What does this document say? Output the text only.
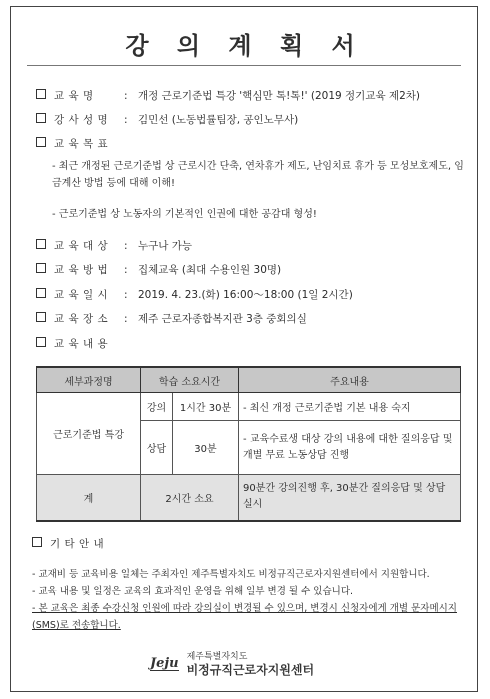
강 의 계 획 서
교 육 명	: 개정 근로기준법 특강 '핵심만 톡!톡!' (2019 정기교육 제2차)
강 사 성 명	: 김민선 (노동법률팀장, 공인노무사)
교 육 목 표
- 최근 개정된 근로기준법 상 근로시간 단축, 연차휴가 제도, 난임치료 휴가 등 모성보호제도, 임금계산 방법 등에 대해 이해!
- 근로기준법 상 노동자의 기본적인 인권에 대한 공감대 형성!
교 육 대 상	: 누구나 가능
교 육 방 법	: 집체교육 (최대 수용인원 30명)
교 육 일 시	: 2019. 4. 23.(화) 16:00～18:00 (1일 2시간)
교 육 장 소	: 제주 근로자종합복지관 3층 중회의실
교 육 내 용
세부과정명	학습 소요시간		주요내용
근로기준법 특강	강의	1시간 30분	- 최신 개정 근로기준법 기본 내용 숙지
	상담	30분	- 교육수료생 대상 강의 내용에 대한 질의응답 및 개별 무료 노동상담 진행
계	2시간 소요		90분간 강의진행 후, 30분간 질의응답 및 상담 실시
기 타 안 내
- 교재비 등 교육비용 일체는 주최자인 제주특별자치도 비정규직근로자지원센터에서 지원합니다.
- 교육 내용 및 일정은 교육의 효과적인 운영을 위해 일부 변경 될 수 있습니다.
- 본 교육은 최종 수강신청 인원에 따라 강의실이 변경될 수 있으며, 변경시 신청자에게 개별 문자메시지(SMS)로 전송합니다.
Jeju 제주특별자치도
비정규직근로자지원센터
